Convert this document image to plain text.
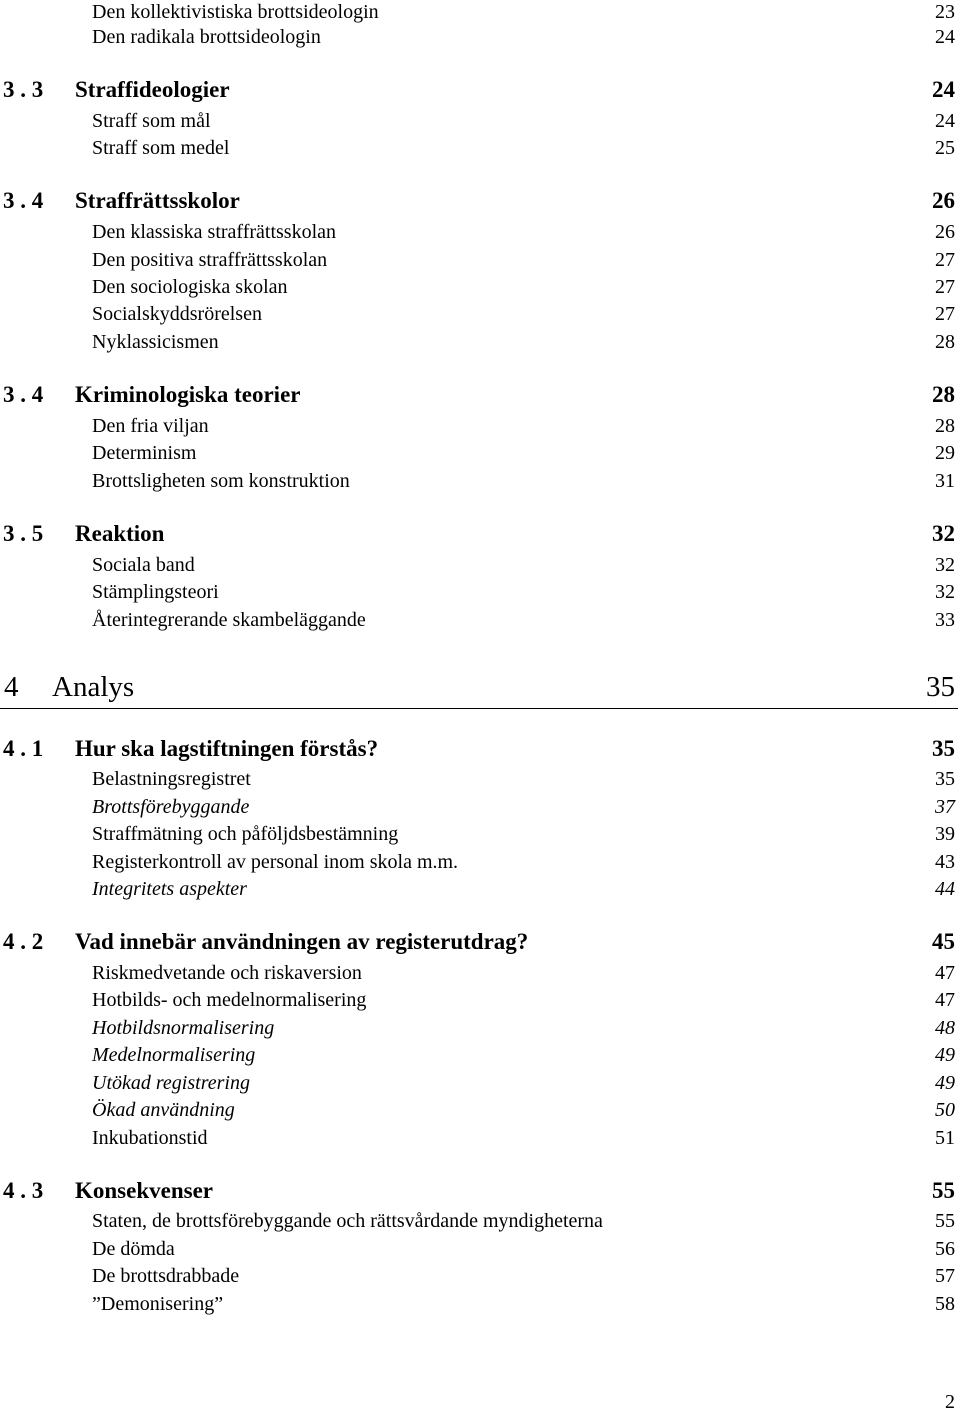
Den kollektivistiska brottsideologin	23
Den radikala brottsideologin	24
3 . 3 Straffideologier	24
Straff som mål	24
Straff som medel	25
3 . 4 Straffrättsskolor	26
Den klassiska straffrättsskolan	26
Den positiva straffrättsskolan	27
Den sociologiska skolan	27
Socialskyddsrörelsen	27
Nyklassicismen	28
3 . 4 Kriminologiska teorier	28
Den fria viljan	28
Determinism	29
Brottsligheten som konstruktion	31
3 . 5 Reaktion	32
Sociala band	32
Stämplingsteori	32
Återintegrerande skambeläggande	33
4 Analys	35
4 . 1 Hur ska lagstiftningen förstås?	35
Belastningsregistret	35
Brottsförebyggande	37
Straffmätning och påföljdsbestämning	39
Registerkontroll av personal inom skola m.m.	43
Integritets aspekter	44
4 . 2 Vad innebär användningen av registerutdrag?	45
Riskmedvetande och riskaversion	47
Hotbilds- och medelnormalisering	47
Hotbildsnormalisering	48
Medelnormalisering	49
Utökad registrering	49
Ökad användning	50
Inkubationstid	51
4 . 3 Konsekvenser	55
Staten, de brottsförebyggande och rättsvårdande myndigheterna	55
De dömda	56
De brottsdrabbade	57
”Demonisering”	58
2
